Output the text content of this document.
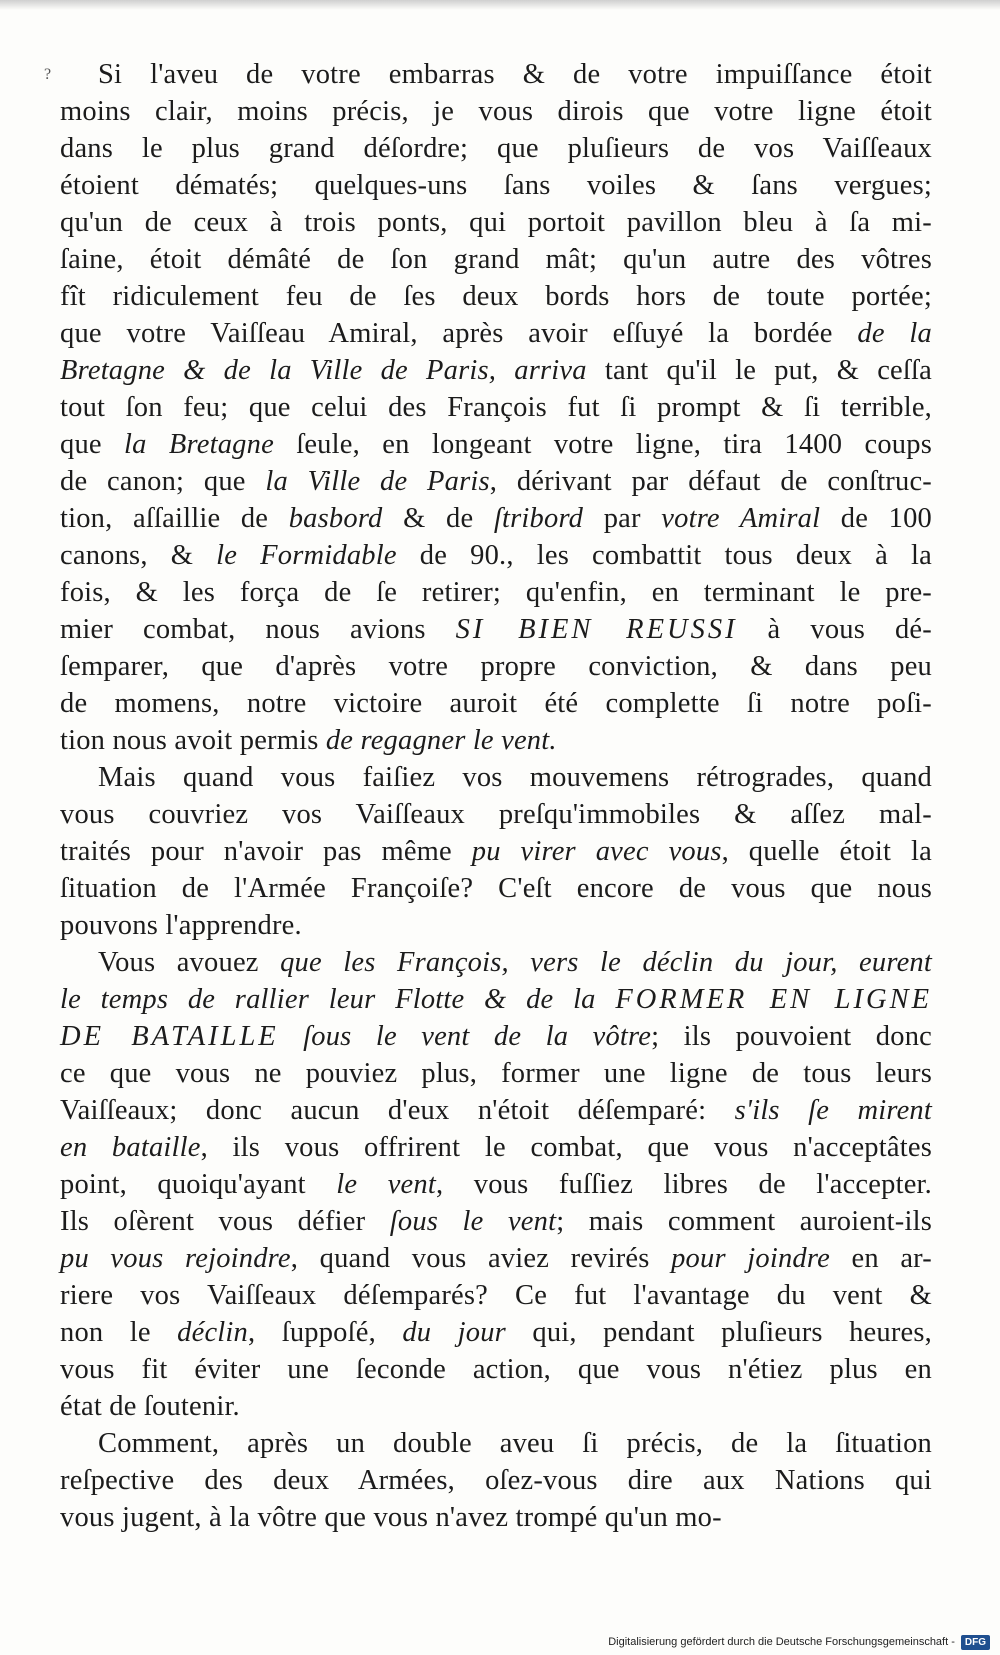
?	Si l'aveu de votre embarras & de votre impuiſſance étoit
moins clair, moins précis, je vous dirois que votre ligne étoit
dans le plus grand déſordre; que pluſieurs de vos Vaiſſeaux
étoient dématés; quelques-uns ſans voiles & ſans vergues;
qu'un de ceux à trois ponts, qui portoit pavillon bleu à ſa mi-
ſaine, étoit démâté de ſon grand mât; qu'un autre des vôtres
fît ridiculement feu de ſes deux bords hors de toute portée;
que votre Vaiſſeau Amiral, après avoir eſſuyé la bordée de la
Bretagne & de la Ville de Paris, arriva tant qu'il le put, & ceſſa
tout ſon feu; que celui des François fut ſi prompt & ſi terrible,
que la Bretagne ſeule, en longeant votre ligne, tira 1400 coups
de canon; que la Ville de Paris, dérivant par défaut de conſtruc-
tion, aſſaillie de basbord & de ſtribord par votre Amiral de 100
canons, & le Formidable de 90., les combattit tous deux à la
fois, & les força de ſe retirer; qu'enfin, en terminant le pre-
mier combat, nous avions SI BIEN REUSSI à vous dé-
ſemparer, que d'après votre propre conviction, & dans peu
de momens, notre victoire auroit été complette ſi notre poſi-
tion nous avoit permis de regagner le vent.
Mais quand vous faiſiez vos mouvemens rétrogrades, quand
vous couvriez vos Vaiſſeaux preſqu'immobiles & aſſez mal-
traités pour n'avoir pas même pu virer avec vous, quelle étoit la
ſituation de l'Armée Françoiſe? C'eſt encore de vous que nous
pouvons l'apprendre.
Vous avouez que les François, vers le déclin du jour, eurent
le temps de rallier leur Flotte & de la FORMER EN LIGNE
DE BATAILLE ſous le vent de la vôtre; ils pouvoient donc
ce que vous ne pouviez plus, former une ligne de tous leurs
Vaiſſeaux; donc aucun d'eux n'étoit déſemparé: s'ils ſe mirent
en bataille, ils vous offrirent le combat, que vous n'acceptâtes
point, quoiqu'ayant le vent, vous fuſſiez libres de l'accepter.
Ils oſèrent vous défier ſous le vent; mais comment auroient-ils
pu vous rejoindre, quand vous aviez revirés pour joindre en ar-
riere vos Vaiſſeaux déſemparés? Ce fut l'avantage du vent &
non le déclin, ſuppoſé, du jour qui, pendant pluſieurs heures,
vous fit éviter une ſeconde action, que vous n'étiez plus en
état de ſoutenir.
Comment, après un double aveu ſi précis, de la ſituation
reſpective des deux Armées, oſez-vous dire aux Nations qui
vous jugent, à la vôtre que vous n'avez trompé qu'un mo-
Digitalisierung gefördert durch die Deutsche Forschungsgemeinschaft -	DFG
